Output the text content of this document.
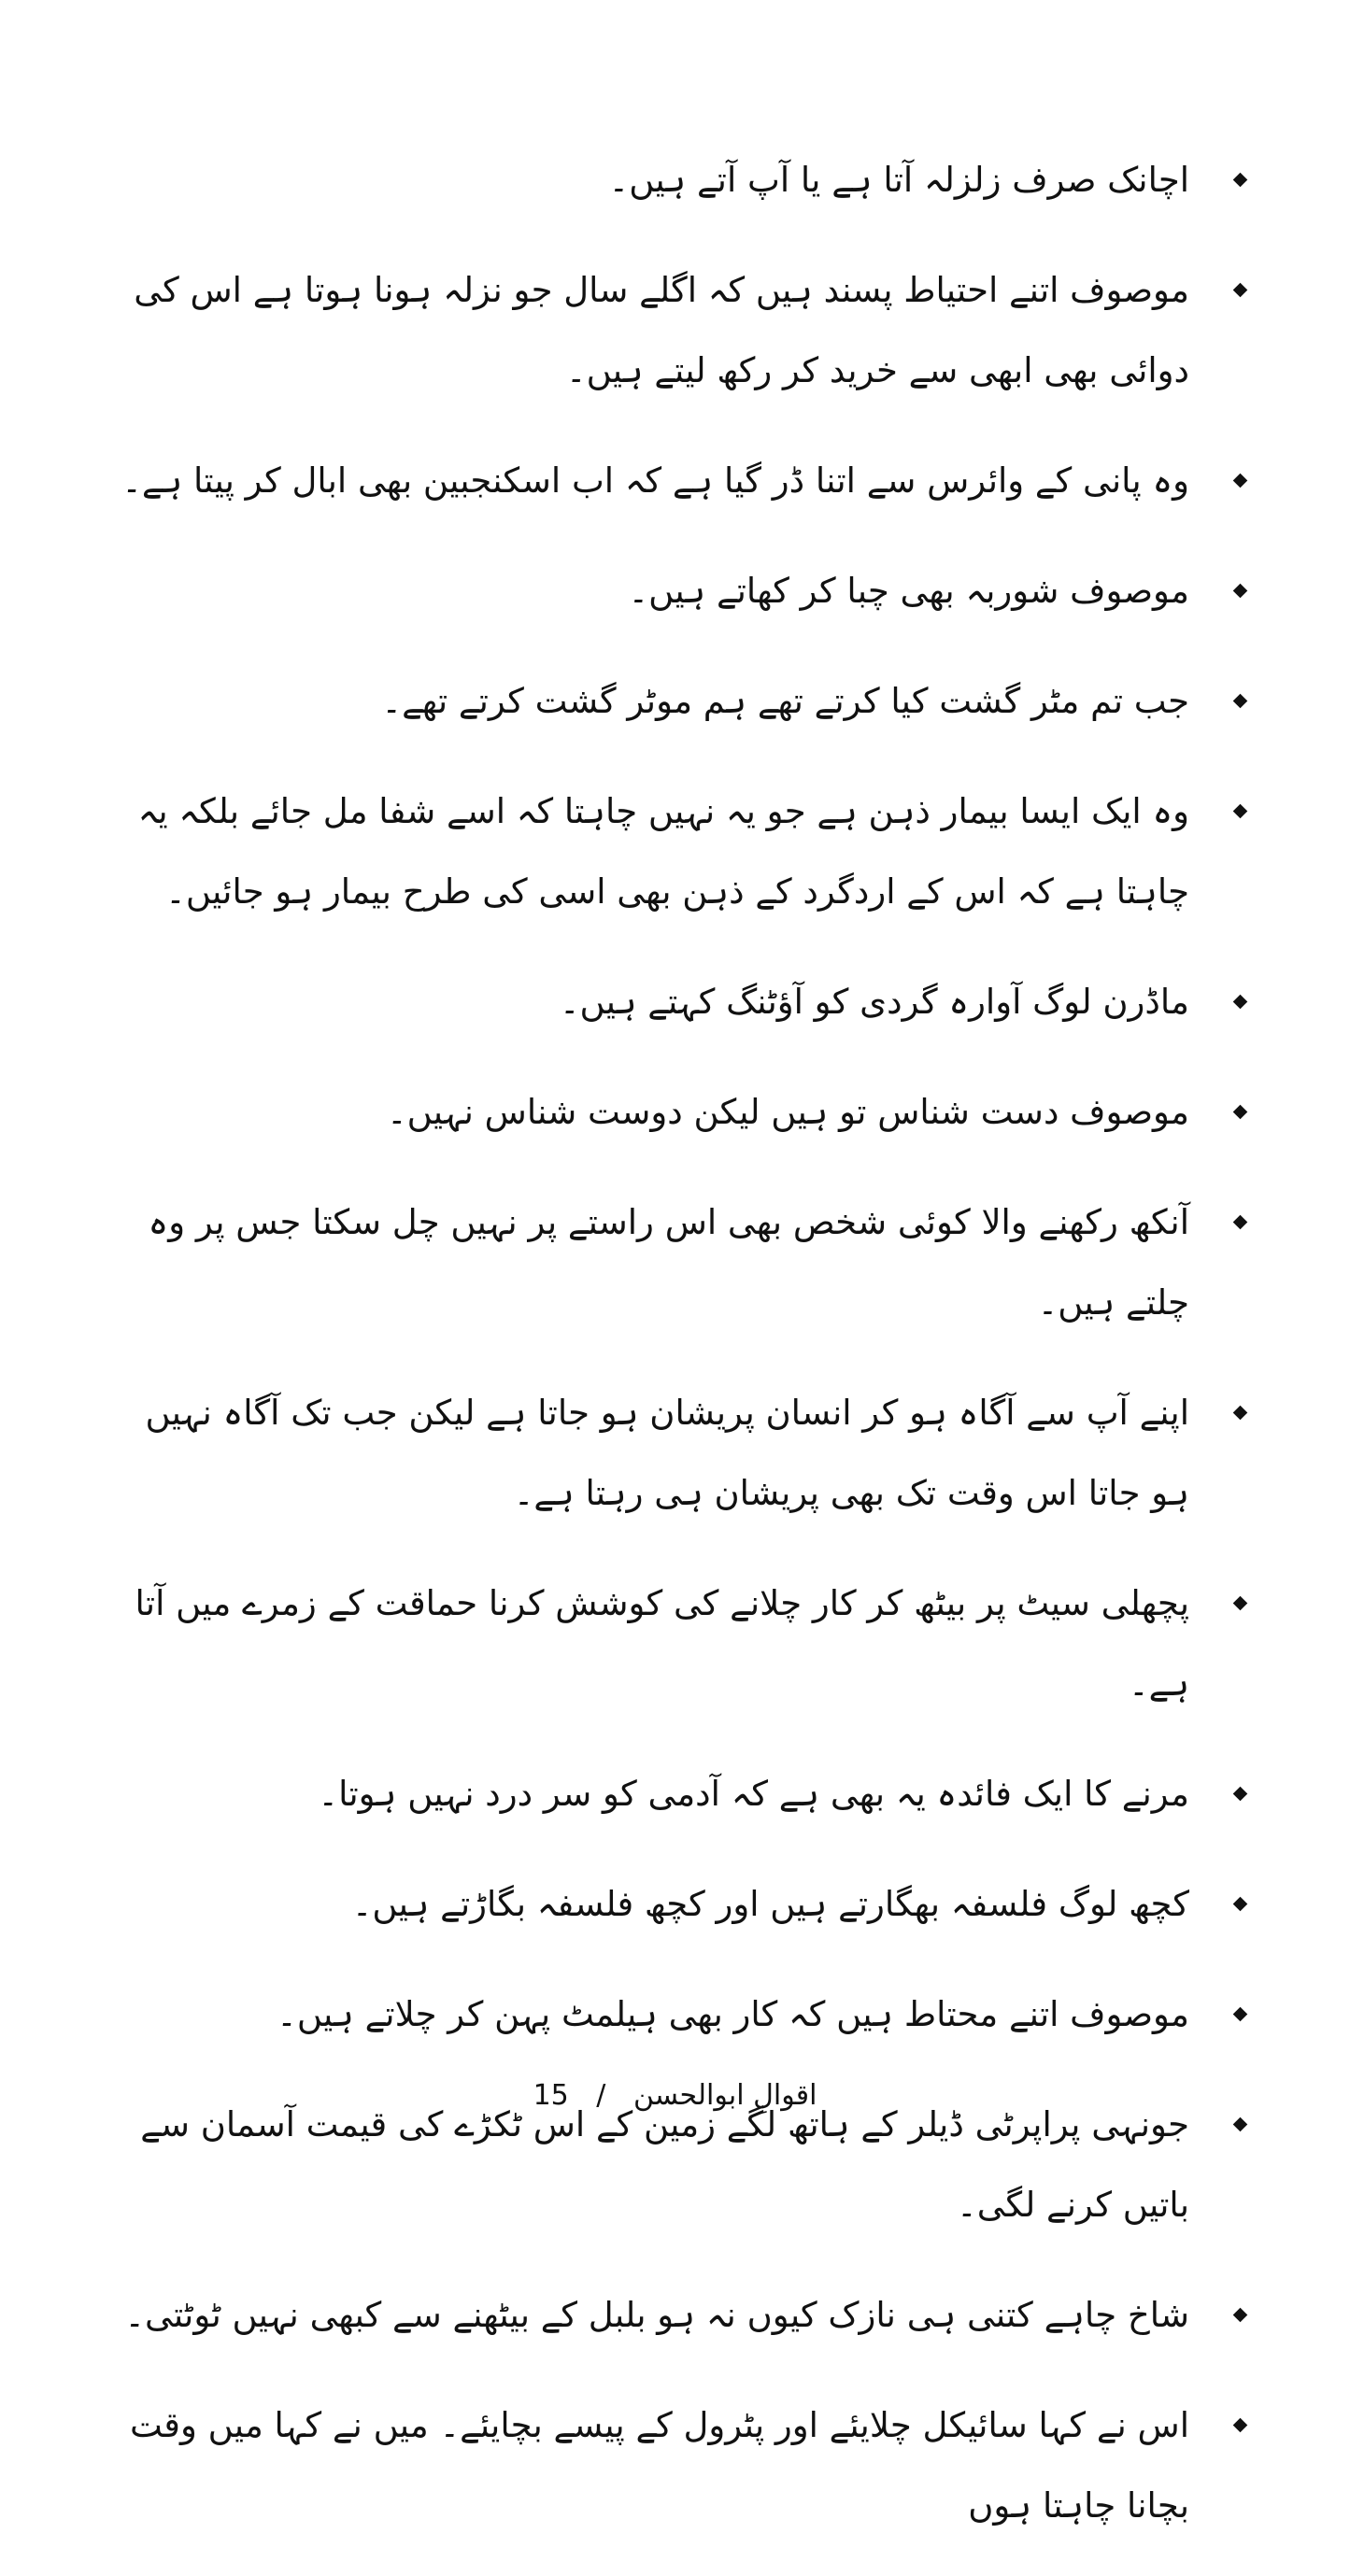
اچانک صرف زلزلہ آتا ہے یا آپ آتے ہیں۔
موصوف اتنے احتیاط پسند ہیں کہ اگلے سال جو نزلہ ہونا ہوتا ہے اس کی دوائی بھی ابھی سے خرید کر رکھ لیتے ہیں۔
وہ پانی کے وائرس سے اتنا ڈر گیا ہے کہ اب اسکنجبین بھی ابال کر پیتا ہے۔
موصوف شوربہ بھی چبا کر کھاتے ہیں۔
جب تم مٹر گشت کیا کرتے تھے ہم موٹر گشت کرتے تھے۔
وہ ایک ایسا بیمار ذہن ہے جو یہ نہیں چاہتا کہ اسے شفا مل جائے بلکہ یہ چاہتا ہے کہ اس کے اردگرد کے ذہن بھی اسی کی طرح بیمار ہو جائیں۔
ماڈرن لوگ آوارہ گردی کو آؤٹنگ کہتے ہیں۔
موصوف دست شناس تو ہیں لیکن دوست شناس نہیں۔
آنکھ رکھنے والا کوئی شخص بھی اس راستے پر نہیں چل سکتا جس پر وہ چلتے ہیں۔
اپنے آپ سے آگاہ ہو کر انسان پریشان ہو جاتا ہے لیکن جب تک آگاہ نہیں ہو جاتا اس وقت تک بھی پریشان ہی رہتا ہے۔
پچھلی سیٹ پر بیٹھ کر کار چلانے کی کوشش کرنا حماقت کے زمرے میں آتا ہے۔
مرنے کا ایک فائدہ یہ بھی ہے کہ آدمی کو سر درد نہیں ہوتا۔
کچھ لوگ فلسفہ بھگارتے ہیں اور کچھ فلسفہ بگاڑتے ہیں۔
موصوف اتنے محتاط ہیں کہ کار بھی ہیلمٹ پہن کر چلاتے ہیں۔
جونہی پراپرٹی ڈیلر کے ہاتھ لگے زمین کے اس ٹکڑے کی قیمت آسمان سے باتیں کرنے لگی۔
شاخ چاہے کتنی ہی نازک کیوں نہ ہو بلبل کے بیٹھنے سے کبھی نہیں ٹوٹتی۔
اس نے کہا سائیکل چلایئے اور پٹرول کے پیسے بچایئے۔ میں نے کہا میں وقت بچانا چاہتا ہوں
15 / اقوالِ ابوالحسن
